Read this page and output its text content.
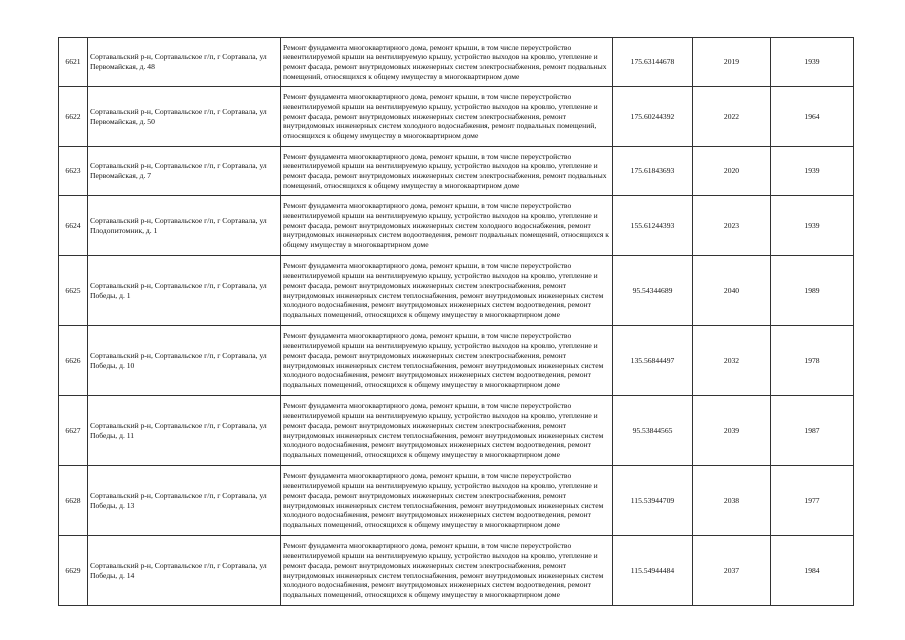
6621	Сортавальский р-н, Сортавальское г/п, г Сортавала, ул Первомайская, д. 48	Ремонт фундамента многоквартирного дома, ремонт крыши, в том числе переустройство невентилируемой крыши на вентилируемую крышу, устройство выходов на кровлю, утепление и ремонт фасада, ремонт внутридомовых инженерных систем электроснабжения, ремонт подвальных помещений, относящихся к общему имуществу в многоквартирном доме	175.63144678	2019	1939
6622	Сортавальский р-н, Сортавальское г/п, г Сортавала, ул Первомайская, д. 50	Ремонт фундамента многоквартирного дома, ремонт крыши, в том числе переустройство невентилируемой крыши на вентилируемую крышу, устройство выходов на кровлю, утепление и ремонт фасада, ремонт внутридомовых инженерных систем электроснабжения, ремонт внутридомовых инженерных систем холодного водоснабжения, ремонт подвальных помещений, относящихся к общему имуществу в многоквартирном доме	175.60244392	2022	1964
6623	Сортавальский р-н, Сортавальское г/п, г Сортавала, ул Первомайская, д. 7	Ремонт фундамента многоквартирного дома, ремонт крыши, в том числе переустройство невентилируемой крыши на вентилируемую крышу, устройство выходов на кровлю, утепление и ремонт фасада, ремонт внутридомовых инженерных систем электроснабжения, ремонт подвальных помещений, относящихся к общему имуществу в многоквартирном доме	175.61843693	2020	1939
6624	Сортавальский р-н, Сортавальское г/п, г Сортавала, ул Плодопитомник, д. 1	Ремонт фундамента многоквартирного дома, ремонт крыши, в том числе переустройство невентилируемой крыши на вентилируемую крышу, устройство выходов на кровлю, утепление и ремонт фасада, ремонт внутридомовых инженерных систем холодного водоснабжения, ремонт внутридомовых инженерных систем водоотведения, ремонт подвальных помещений, относящихся к общему имуществу в многоквартирном доме	155.61244393	2023	1939
6625	Сортавальский р-н, Сортавальское г/п, г Сортавала, ул Победы, д. 1	Ремонт фундамента многоквартирного дома, ремонт крыши, в том числе переустройство невентилируемой крыши на вентилируемую крышу, устройство выходов на кровлю, утепление и ремонт фасада, ремонт внутридомовых инженерных систем электроснабжения, ремонт внутридомовых инженерных систем теплоснабжения, ремонт внутридомовых инженерных систем холодного водоснабжения, ремонт внутридомовых инженерных систем водоотведения, ремонт подвальных помещений, относящихся к общему имуществу в многоквартирном доме	95.54344689	2040	1989
6626	Сортавальский р-н, Сортавальское г/п, г Сортавала, ул Победы, д. 10	Ремонт фундамента многоквартирного дома, ремонт крыши, в том числе переустройство невентилируемой крыши на вентилируемую крышу, устройство выходов на кровлю, утепление и ремонт фасада, ремонт внутридомовых инженерных систем электроснабжения, ремонт внутридомовых инженерных систем теплоснабжения, ремонт внутридомовых инженерных систем холодного водоснабжения, ремонт внутридомовых инженерных систем водоотведения, ремонт подвальных помещений, относящихся к общему имуществу в многоквартирном доме	135.56844497	2032	1978
6627	Сортавальский р-н, Сортавальское г/п, г Сортавала, ул Победы, д. 11	Ремонт фундамента многоквартирного дома, ремонт крыши, в том числе переустройство невентилируемой крыши на вентилируемую крышу, устройство выходов на кровлю, утепление и ремонт фасада, ремонт внутридомовых инженерных систем электроснабжения, ремонт внутридомовых инженерных систем теплоснабжения, ремонт внутридомовых инженерных систем холодного водоснабжения, ремонт внутридомовых инженерных систем водоотведения, ремонт подвальных помещений, относящихся к общему имуществу в многоквартирном доме	95.53844565	2039	1987
6628	Сортавальский р-н, Сортавальское г/п, г Сортавала, ул Победы, д. 13	Ремонт фундамента многоквартирного дома, ремонт крыши, в том числе переустройство невентилируемой крыши на вентилируемую крышу, устройство выходов на кровлю, утепление и ремонт фасада, ремонт внутридомовых инженерных систем электроснабжения, ремонт внутридомовых инженерных систем теплоснабжения, ремонт внутридомовых инженерных систем холодного водоснабжения, ремонт внутридомовых инженерных систем водоотведения, ремонт подвальных помещений, относящихся к общему имуществу в многоквартирном доме	115.53944709	2038	1977
6629	Сортавальский р-н, Сортавальское г/п, г Сортавала, ул Победы, д. 14	Ремонт фундамента многоквартирного дома, ремонт крыши, в том числе переустройство невентилируемой крыши на вентилируемую крышу, устройство выходов на кровлю, утепление и ремонт фасада, ремонт внутридомовых инженерных систем электроснабжения, ремонт внутридомовых инженерных систем теплоснабжения, ремонт внутридомовых инженерных систем холодного водоснабжения, ремонт внутридомовых инженерных систем водоотведения, ремонт подвальных помещений, относящихся к общему имуществу в многоквартирном доме	115.54944484	2037	1984
